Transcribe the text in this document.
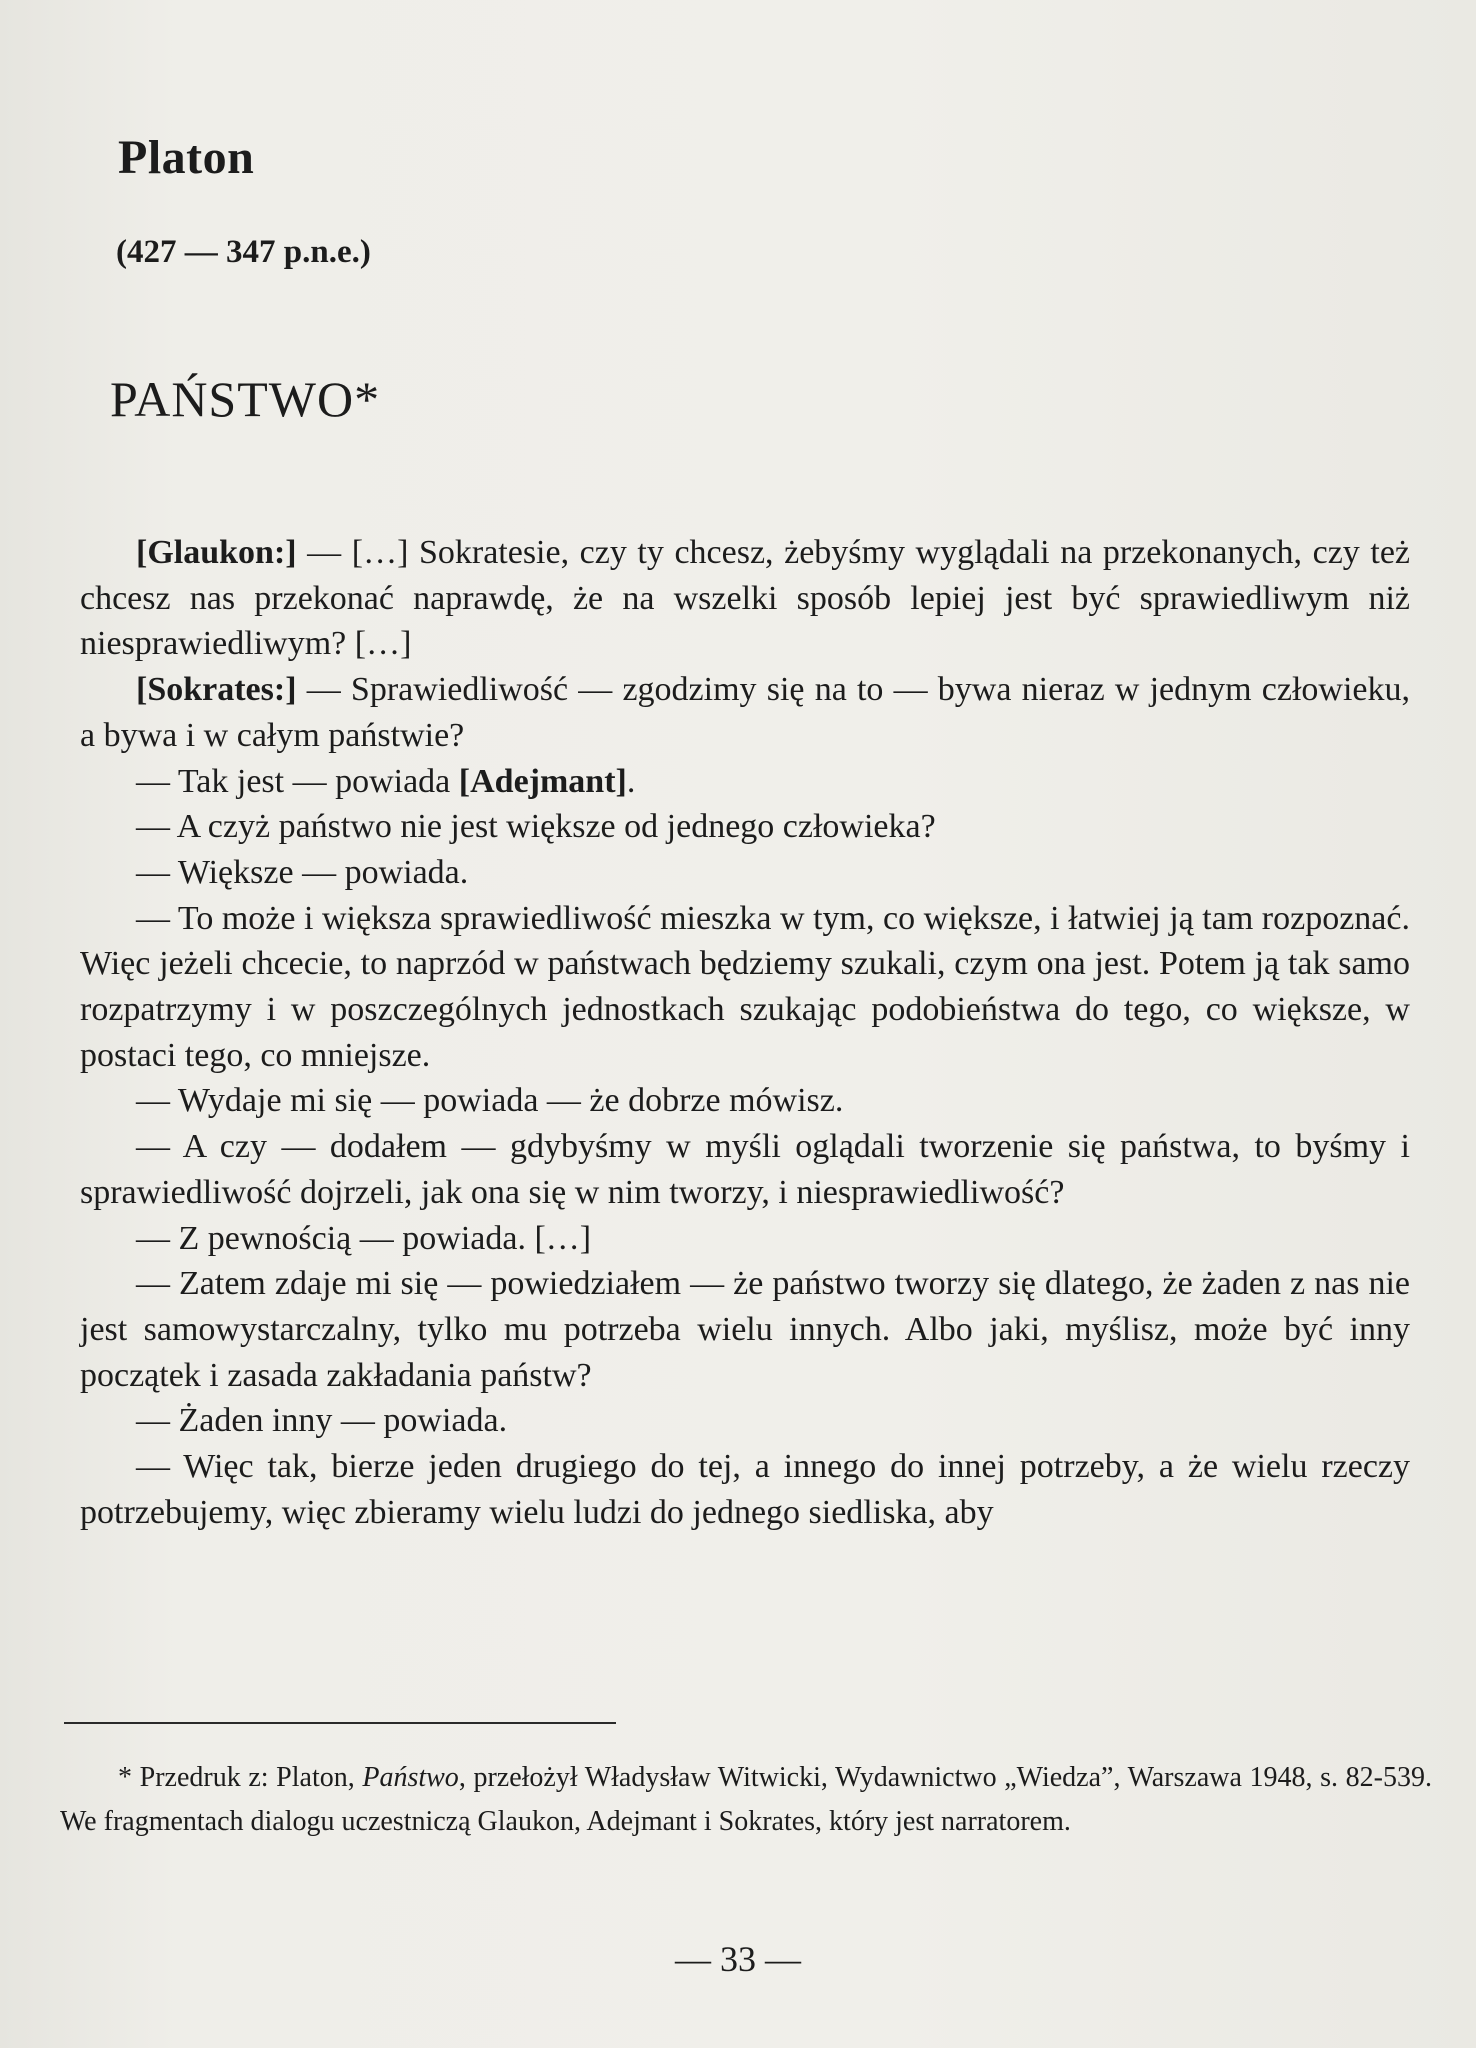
Platon
(427 — 347 p.n.e.)
PAŃSTWO*

[Glaukon:] — […] Sokratesie, czy ty chcesz, żebyśmy wyglądali na przekonanych, czy też chcesz nas przekonać naprawdę, że na wszelki sposób lepiej jest być sprawiedliwym niż niesprawiedliwym? […]

[Sokrates:] — Sprawiedliwość — zgodzimy się na to — bywa nieraz w jednym człowieku, a bywa i w całym państwie?

— Tak jest — powiada [Adejmant].

— A czyż państwo nie jest większe od jednego człowieka?

— Większe — powiada.

— To może i większa sprawiedliwość mieszka w tym, co większe, i łatwiej ją tam rozpoznać. Więc jeżeli chcecie, to naprzód w państwach będziemy szukali, czym ona jest. Potem ją tak samo rozpatrzymy i w poszczególnych jednostkach szukając podobieństwa do tego, co większe, w postaci tego, co mniejsze.

— Wydaje mi się — powiada — że dobrze mówisz.

— A czy — dodałem — gdybyśmy w myśli oglądali tworzenie się państwa, to byśmy i sprawiedliwość dojrzeli, jak ona się w nim tworzy, i niesprawiedliwość?

— Z pewnością — powiada. […]

— Zatem zdaje mi się — powiedziałem — że państwo tworzy się dlatego, że żaden z nas nie jest samowystarczalny, tylko mu potrzeba wielu innych. Albo jaki, myślisz, może być inny początek i zasada zakładania państw?

— Żaden inny — powiada.

— Więc tak, bierze jeden drugiego do tej, a innego do innej potrzeby, a że wielu rzeczy potrzebujemy, więc zbieramy wielu ludzi do jednego siedliska, aby

* Przedruk z: Platon, Państwo, przełożył Władysław Witwicki, Wydawnictwo „Wiedza”, Warszawa 1948, s. 82-539. We fragmentach dialogu uczestniczą Glaukon, Adejmant i Sokrates, który jest narratorem.
— 33 —
